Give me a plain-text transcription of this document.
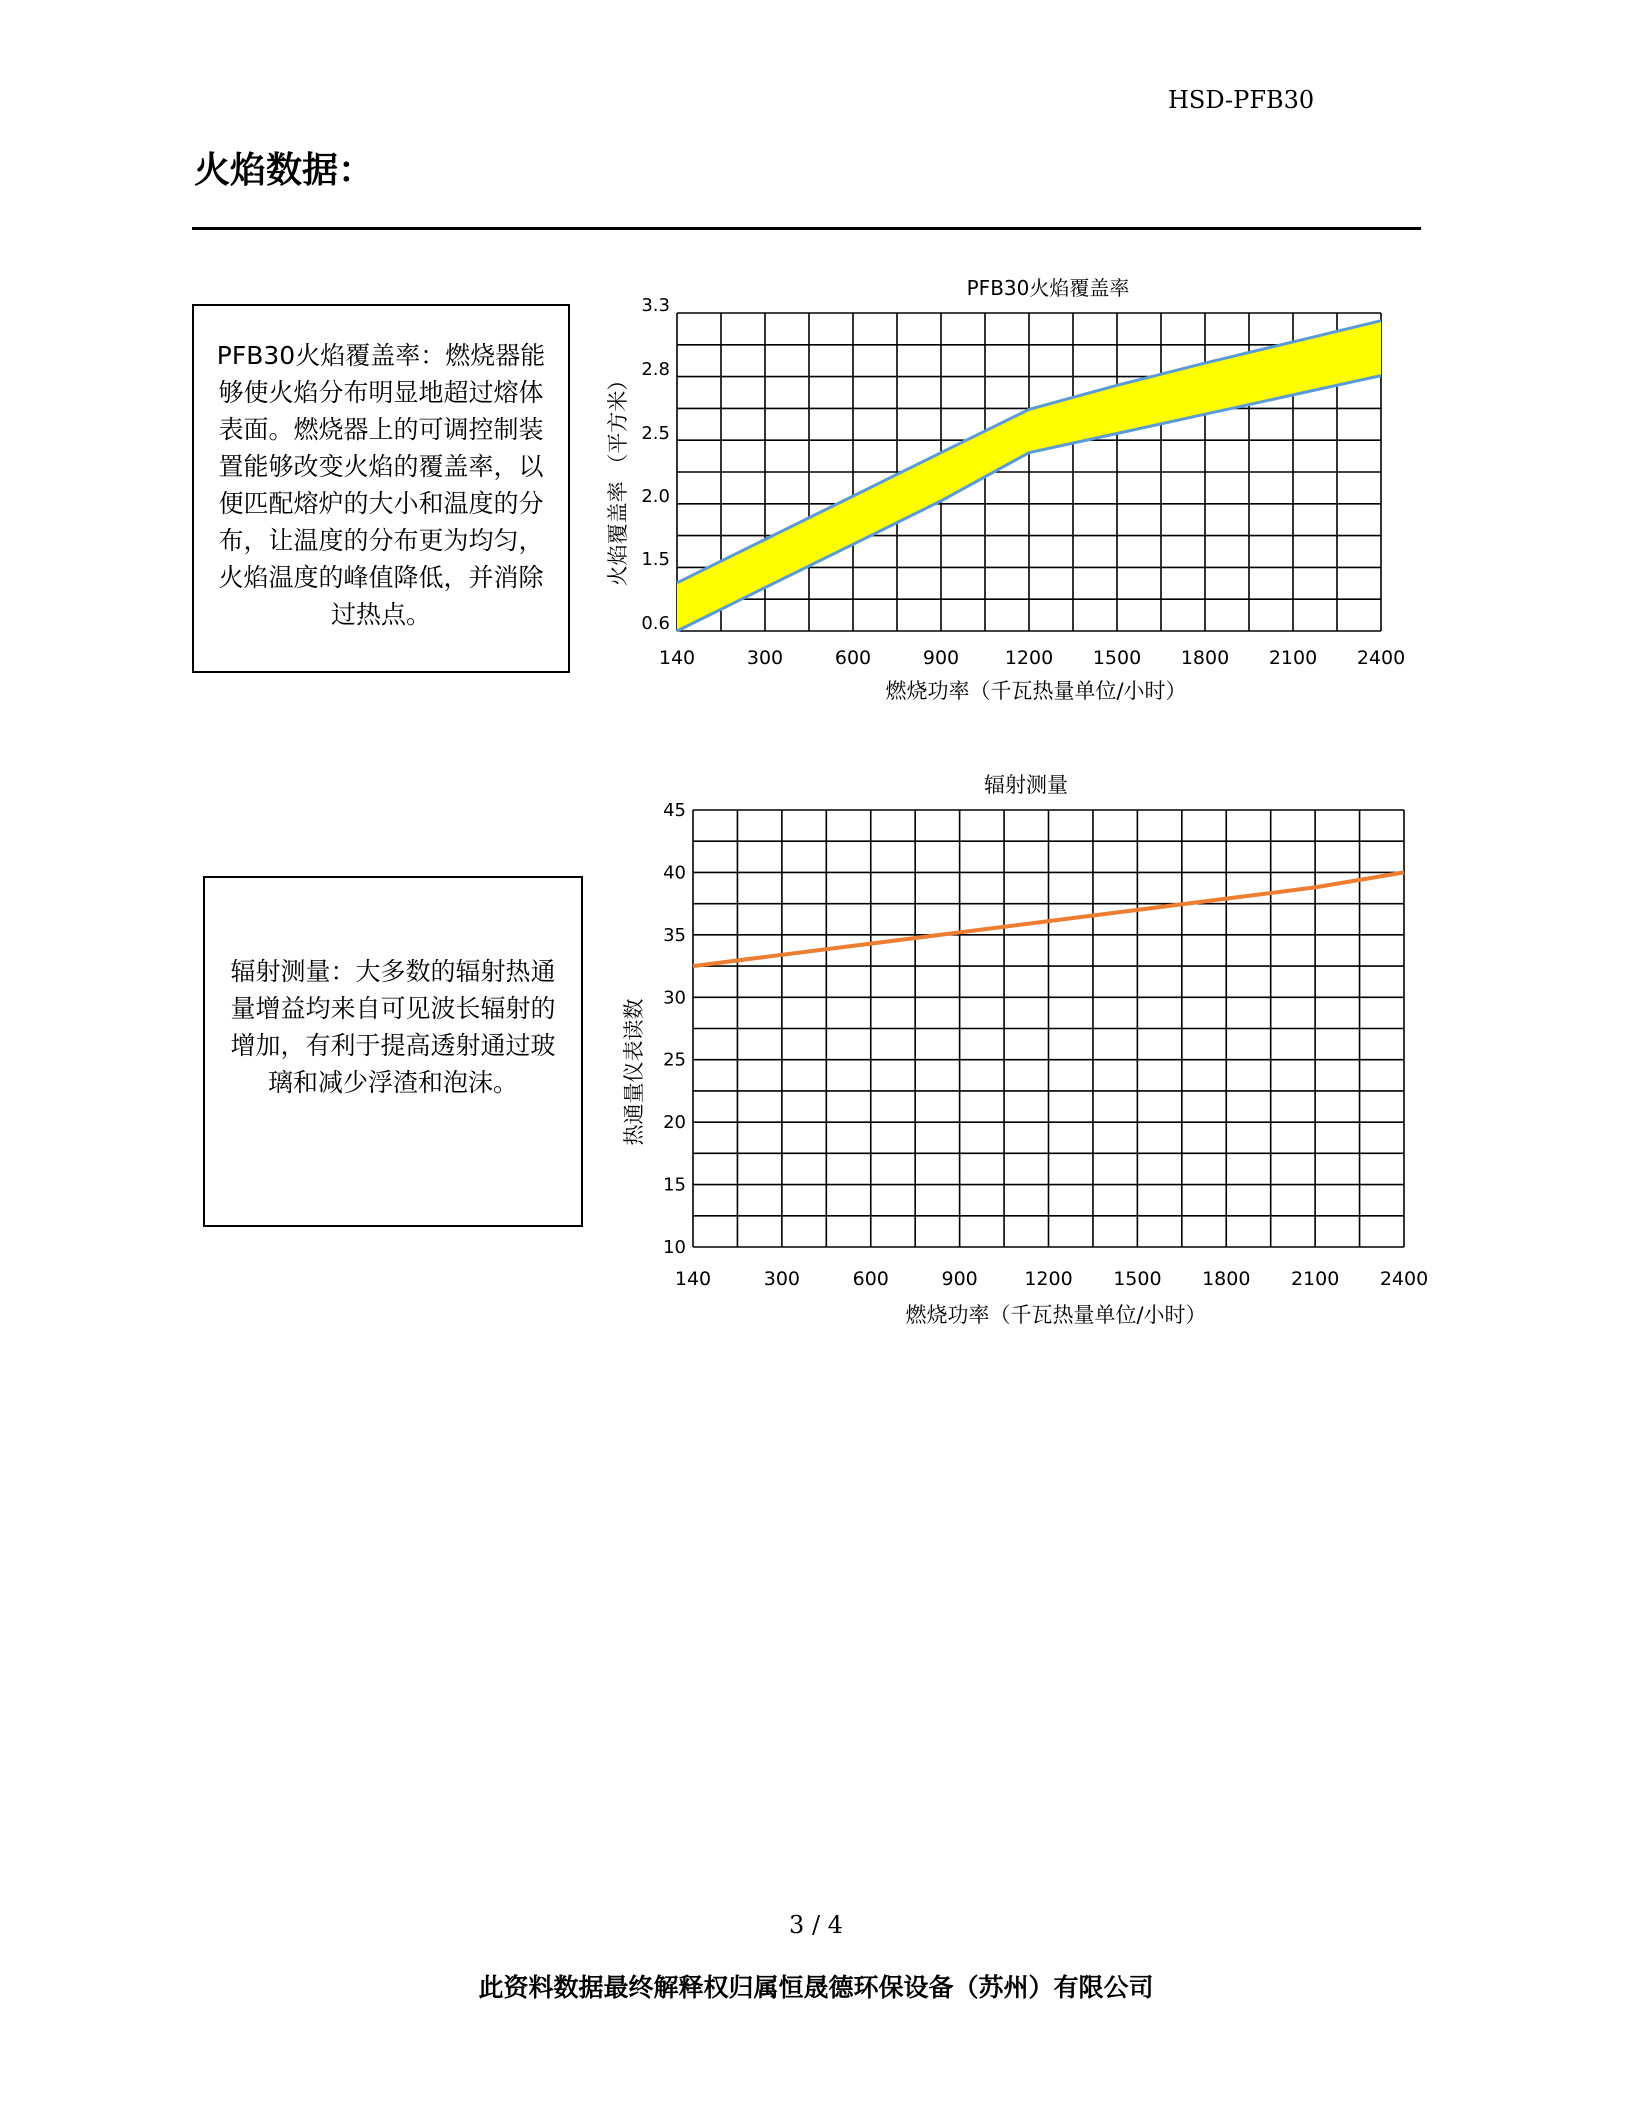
HSD-PFB30
火焰数据：

PFB30火焰覆盖率：燃烧器能够使火焰分布明显地超过熔体表面。燃烧器上的可调控制装置能够改变火焰的覆盖率，以便匹配熔炉的大小和温度的分布，让温度的分布更为均匀，火焰温度的峰值降低，并消除过热点。

辐射测量：大多数的辐射热通量增益均来自可见波长辐射的增加，有利于提高透射通过玻璃和减少浮渣和泡沫。

PFB30火焰覆盖率
140	300	600	900 1200 1500 1800 2100 2400
0.6
1.5
2.0
2.5
2.8
3.3
燃烧功率（千瓦热量单位/小时）
火焰覆盖率 （平方米）
辐射测量
140	300	600	900 1200 1500 1800 2100 2400
10
15
20
25
30
35
40
45
燃烧功率（千瓦热量单位/小时）
热通量仪表读数
3 / 4
此资料数据最终解释权归属恒晟德环保设备（苏州）有限公司
